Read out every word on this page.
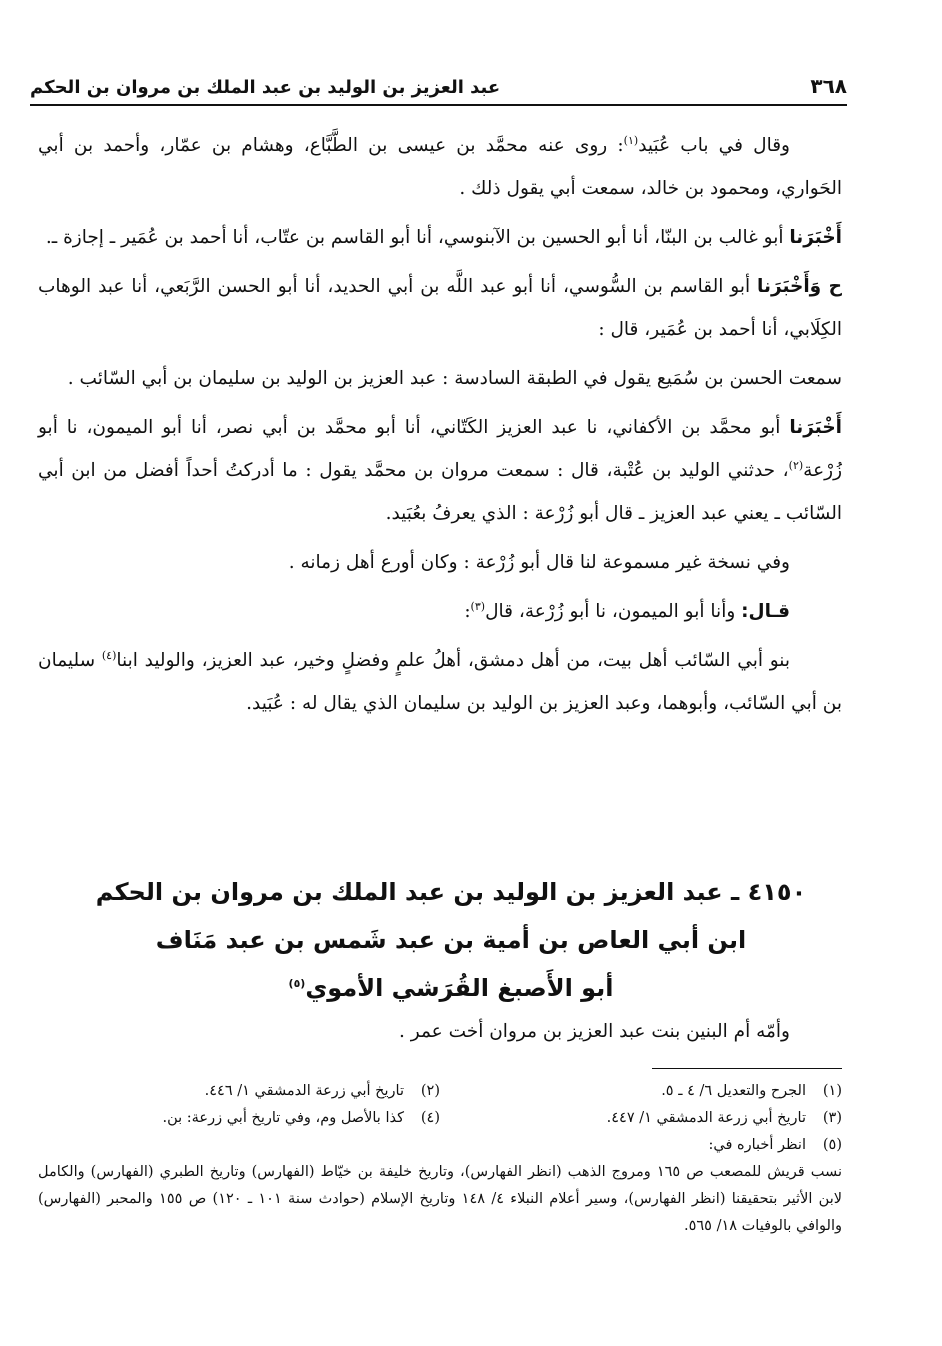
٣٦٨
عبد العزيز بن الوليد بن عبد الملك بن مروان بن الحكم

وقال في باب عُبَيد$^{(١)}$: روى عنه محمَّد بن عيسى بن الطَّبَّاع، وهشام بن عمّار، وأحمد بن أبي الحَواري، ومحمود بن خالد، سمعت أبي يقول ذلك .

أَخْبَرَنا أبو غالب بن البنّا، أنا أبو الحسين بن الآبنوسي، أنا أبو القاسم بن عتّاب، أنا أحمد بن عُمَير ـ إجازة ـ.

ح وَأَخْبَرَنا أبو القاسم بن السُّوسي، أنا أبو عبد اللَّه بن أبي الحديد، أنا أبو الحسن الرَّبَعي، أنا عبد الوهاب الكِلَابي، أنا أحمد بن عُمَير، قال :

سمعت الحسن بن سُمَيع يقول في الطبقة السادسة : عبد العزيز بن الوليد بن سليمان بن أبي السّائب .

أَخْبَرَنا أبو محمَّد بن الأكفاني، نا عبد العزيز الكَتّاني، أنا أبو محمَّد بن أبي نصر، أنا أبو الميمون، نا أبو زُرْعة$^{(٢)}$، حدثني الوليد بن عُتْبة، قال : سمعت مروان بن محمَّد يقول : ما أدركتُ أحداً أفضل من ابن أبي السّائب ـ يعني عبد العزيز ـ قال أبو زُرْعة : الذي يعرفُ بعُبَيد.

وفي نسخة غير مسموعة لنا قال أبو زُرْعة : وكان أورع أهل زمانه .

قـال: وأنا أبو الميمون، نا أبو زُرْعة، قال$^{(٣)}$:

بنو أبي السّائب أهل بيت، من أهل دمشق، أهلُ علمٍ وفضلٍ وخير، عبد العزيز، والوليد ابنا$^{(٤)}$ سليمان بن أبي السّائب، وأبوهما، وعبد العزيز بن الوليد بن سليمان الذي يقال له : عُبَيد.

٤١٥٠ ـ عبد العزيز بن الوليد بن عبد الملك بن مروان بن الحكم
ابن أبي العاص بن أمية بن عبد شَمس بن عبد مَنَاف
أبو الأَصبغ القُرَشي الأموي$^{(٥)}$
وأمّه أم البنين بنت عبد العزيز بن مروان أخت عمر .
(١)
الجرح والتعديل ٦/ ٤ ـ ٥.
(٢)
تاريخ أبي زرعة الدمشقي ١/ ٤٤٦.
(٣)
تاريخ أبي زرعة الدمشقي ١/ ٤٤٧.
(٤)
كذا بالأصل وم، وفي تاريخ أبي زرعة: بن.
(٥)
انظر أخباره في:

نسب قريش للمصعب ص ١٦٥ ومروج الذهب (انظر الفهارس)، وتاريخ خليفة بن خيّاط (الفهارس) وتاريخ الطبري (الفهارس) والكامل لابن الأثير بتحقيقنا (انظر الفهارس)، وسير أعلام النبلاء ٤/ ١٤٨ وتاريخ الإسلام (حوادث سنة ١٠١ ـ ١٢٠) ص ١٥٥ والمحبر (الفهارس) والوافي بالوفيات ١٨/ ٥٦٥.
